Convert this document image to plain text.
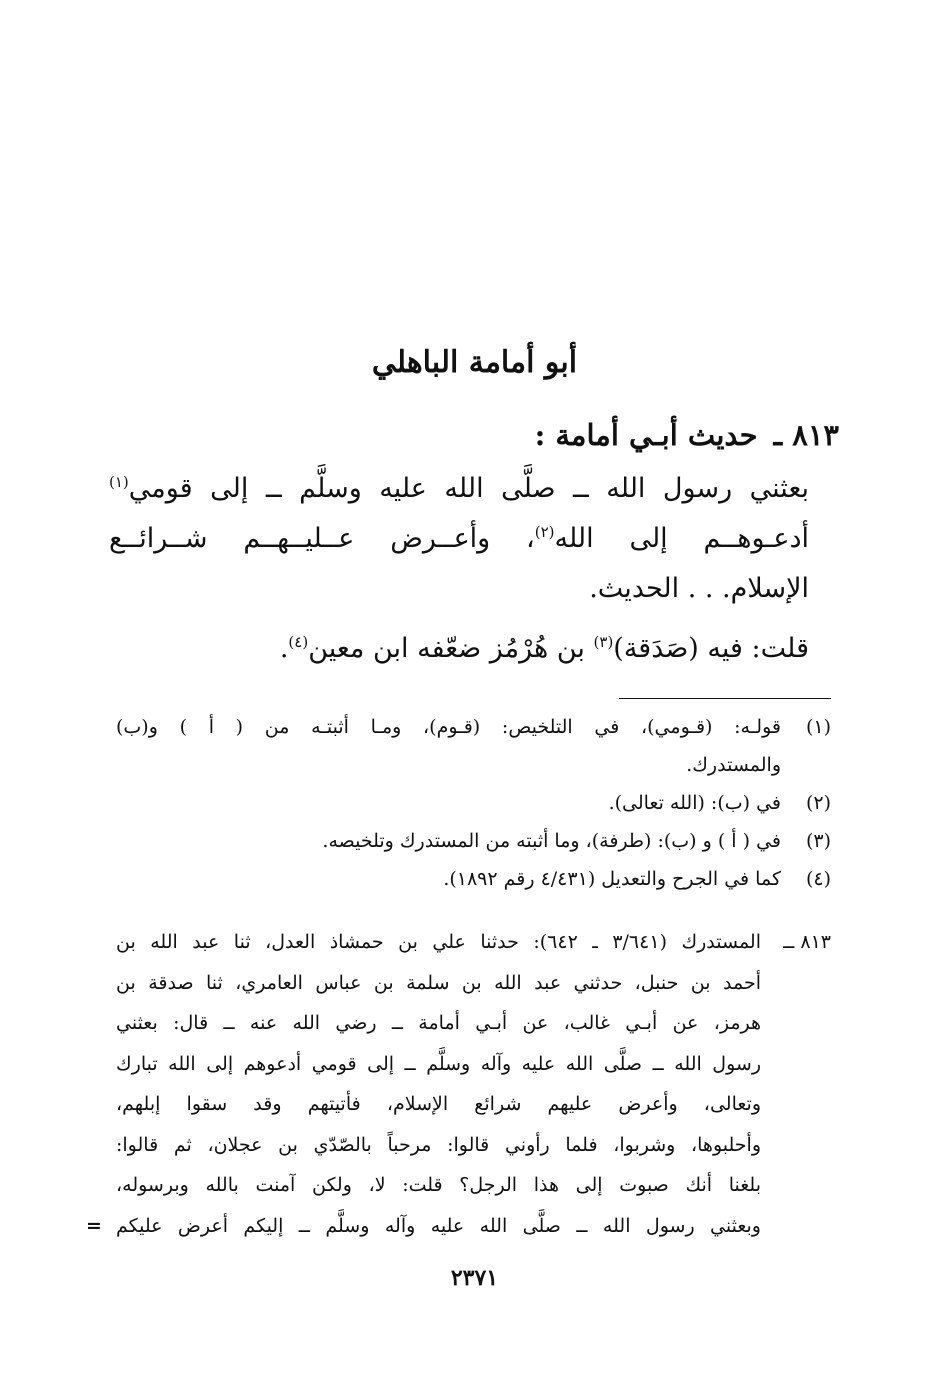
أبو أمامة الباهلي
٨١٣ ـ حديث أبـي أمامة :
بعثني رسول الله ــ صلَّى الله عليه وسلَّم ــ إلى قومي$^{(١)}$
أدعـوهــم إلى الله$^{(٢)}$، وأعــرض عــليــهــم شــرائــع
الإسلام. . . الحديث.
قلت: فيه (صَدَقة)$^{(٣)}$ بن هُرْمُز ضعّفه ابن معين$^{(٤)}$.
(١)
قولـه: (قـومي)، في التلخيص: (قـوم)، ومـا أثبتـه من ( أ ) و(ب)
والمستدرك.
(٢)
في (ب): (الله تعالى).
(٣)
في ( أ ) و (ب): (طرفة)، وما أثبته من المستدرك وتلخيصه.
(٤)
كما في الجرح والتعديل (٤/٤٣١ رقم ١٨٩٢).
٨١٣ ــ
المستدرك (٣/٦٤١ ـ ٦٤٢): حدثنا علي بن حمشاذ العدل، ثنا عبد الله بن
أحمد بن حنبل، حدثني عبد الله بن سلمة بن عباس العامري، ثنا صدقة بن
هرمز، عن أبـي غالب، عن أبـي أمامة ــ رضي الله عنه ــ قال: بعثني
رسول الله ــ صلَّى الله عليه وآله وسلَّم ــ إلى قومي أدعوهم إلى الله تبارك
وتعالى، وأعرض عليهم شرائع الإسلام، فأتيتهم وقد سقوا إبلهم،
وأحلبوها، وشربوا، فلما رأوني قالوا: مرحباً بالصّدّي بن عجلان، ثم قالوا:
بلغنا أنك صبوت إلى هذا الرجل؟ قلت: لا، ولكن آمنت بالله وبرسوله،
وبعثني رسول الله ــ صلَّى الله عليه وآله وسلَّم ــ إليكم أعرض عليكم
=
٢٣٧١
